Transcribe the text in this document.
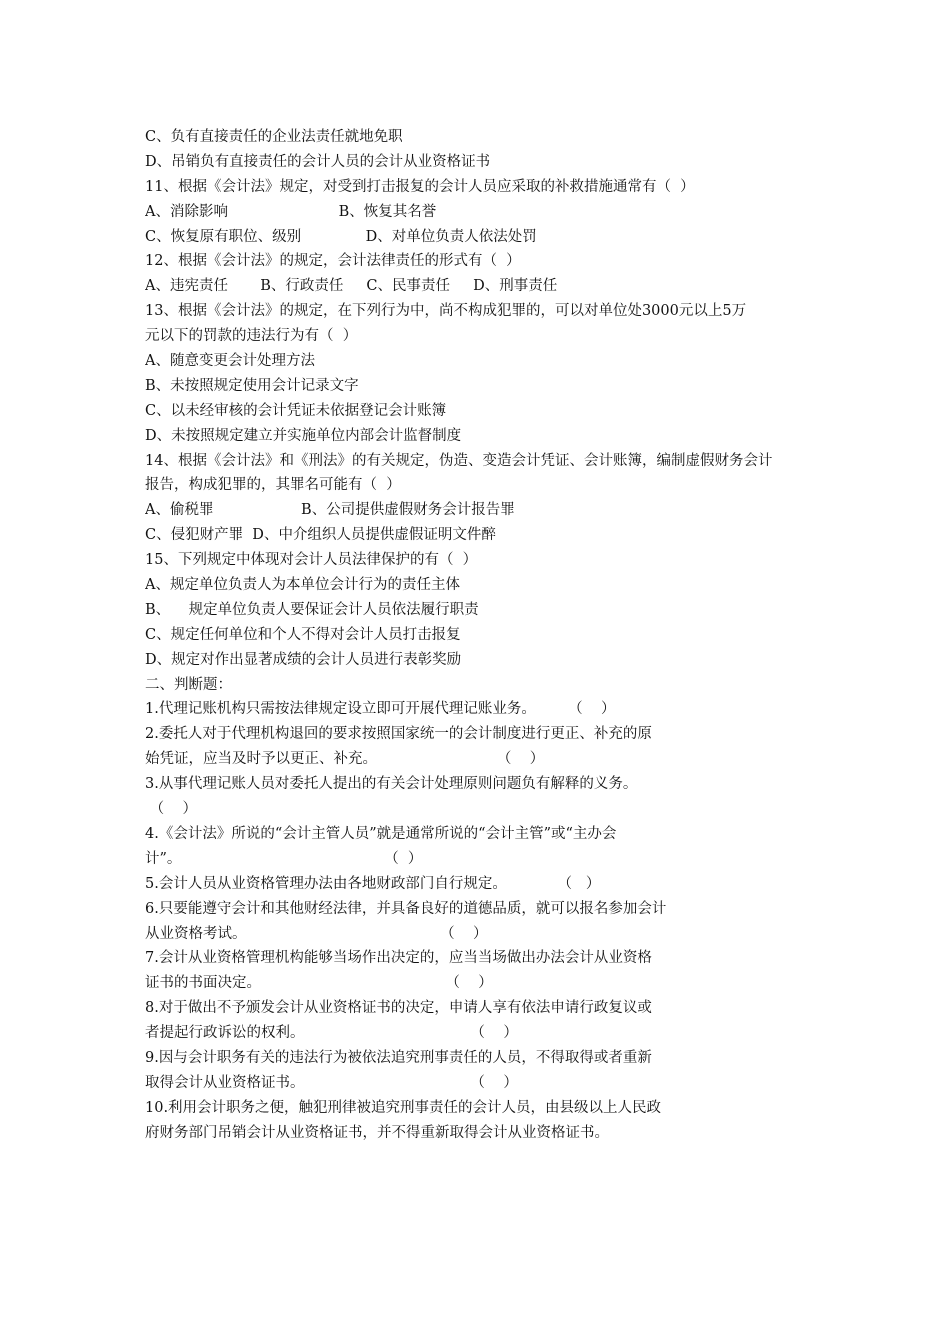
C、负有直接责任的企业法责任就地免职
D、吊销负有直接责任的会计人员的会计从业资格证书
11、根据《会计法》规定，对受到打击报复的会计人员应采取的补救措施通常有（  ）
A、消除影响                        B、恢复其名誉
C、恢复原有职位、级别              D、对单位负责人依法处罚
12、根据《会计法》的规定，会计法律责任的形式有（  ）
A、违宪责任       B、行政责任     C、民事责任     D、刑事责任
13、根据《会计法》的规定，在下列行为中，尚不构成犯罪的，可以对单位处3000元以上5万
元以下的罚款的违法行为有（  ）
A、随意变更会计处理方法
B、未按照规定使用会计记录文字
C、以未经审核的会计凭证未依据登记会计账簿
D、未按照规定建立并实施单位内部会计监督制度
14、根据《会计法》和《刑法》的有关规定，伪造、变造会计凭证、会计账簿，编制虚假财务会计
报告，构成犯罪的，其罪名可能有（  ）
A、偷税罪                   B、公司提供虚假财务会计报告罪
C、侵犯财产罪  D、中介组织人员提供虚假证明文件醉
15、下列规定中体现对会计人员法律保护的有（  ）
A、规定单位负责人为本单位会计行为的责任主体
B、    规定单位负责人要保证会计人员依法履行职责
C、规定任何单位和个人不得对会计人员打击报复
D、规定对作出显著成绩的会计人员进行表彰奖励
二、判断题：
1.代理记账机构只需按法律规定设立即可开展代理记账业务。       （    ）
2.委托人对于代理机构退回的要求按照国家统一的会计制度进行更正、补充的原
始凭证，应当及时予以更正、补充。                          （    ）
3.从事代理记账人员对委托人提出的有关会计处理原则问题负有解释的义务。
（    ）
4.《会计法》所说的“会计主管人员”就是通常所说的“会计主管”或“主办会
计”。                                            （  ）
5.会计人员从业资格管理办法由各地财政部门自行规定。           （   ）
6.只要能遵守会计和其他财经法律，并具备良好的道德品质，就可以报名参加会计
从业资格考试。                                          （    ）
7.会计从业资格管理机构能够当场作出决定的，应当当场做出办法会计从业资格
证书的书面决定。                                        （    ）
8.对于做出不予颁发会计从业资格证书的决定，申请人享有依法申请行政复议或
者提起行政诉讼的权利。                                    （    ）
9.因与会计职务有关的违法行为被依法追究刑事责任的人员，不得取得或者重新
取得会计从业资格证书。                                    （    ）
10.利用会计职务之便，触犯刑律被追究刑事责任的会计人员，由县级以上人民政
府财务部门吊销会计从业资格证书，并不得重新取得会计从业资格证书。
